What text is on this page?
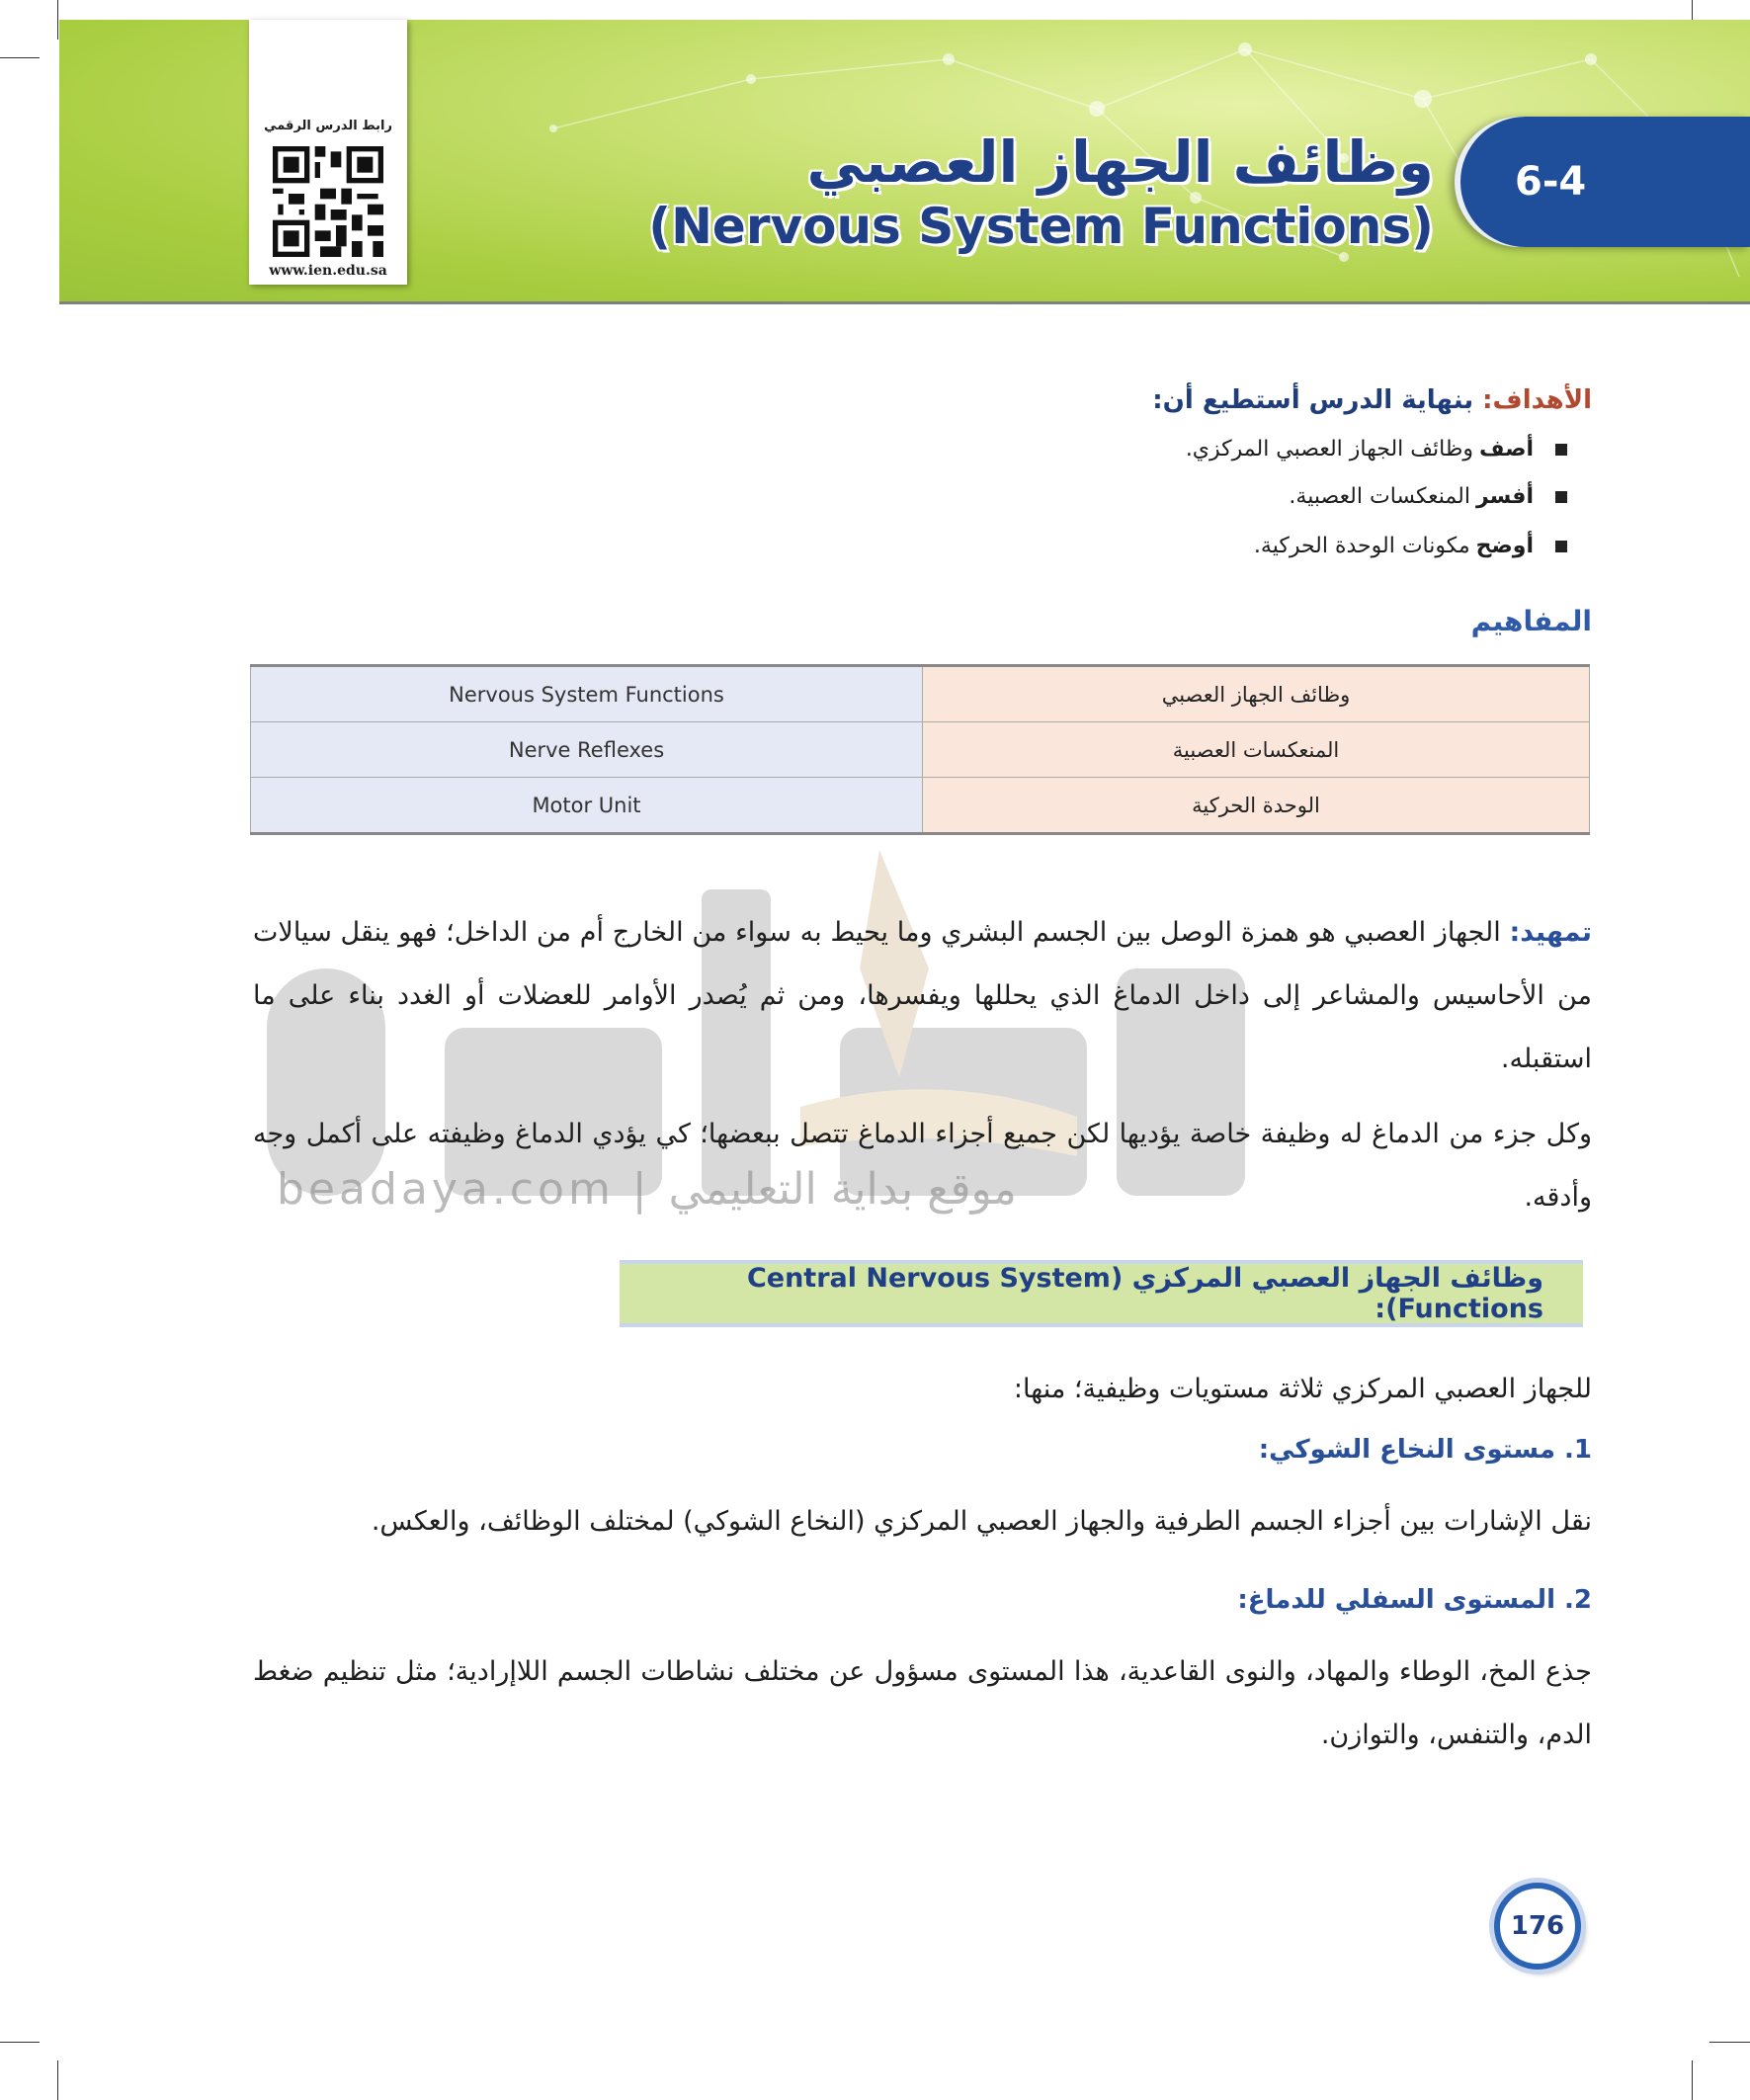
6-4
وظائف الجهاز العصبي
(Nervous System Functions)
رابط الدرس الرقمي
www.ien.edu.sa
الأهداف: بنهاية الدرس أستطيع أن:
أصف
وظائف الجهاز العصبي المركزي.
أفسر
المنعكسات العصبية.
أوضح
مكونات الوحدة الحركية.
المفاهيم
Nervous System Functions	وظائف الجهاز العصبي
Nerve Reflexes	المنعكسات العصبية
Motor Unit	الوحدة الحركية
بداية
beadaya.com | موقع بداية التعليمي
تمهيد: الجهاز العصبي هو همزة الوصل بين الجسم البشري وما يحيط به سواء من الخارج أم من الداخل؛ فهو ينقل سيالات من الأحاسيس والمشاعر إلى داخل الدماغ الذي يحللها ويفسرها، ومن ثم يُصدر الأوامر للعضلات أو الغدد بناء على ما استقبله.
وكل جزء من الدماغ له وظيفة خاصة يؤديها لكن جميع أجزاء الدماغ تتصل ببعضها؛ كي يؤدي الدماغ وظيفته على أكمل وجه وأدقه.
وظائف الجهاز العصبي المركزي (Central Nervous System Functions):
للجهاز العصبي المركزي ثلاثة مستويات وظيفية؛ منها:
1. مستوى النخاع الشوكي:
نقل الإشارات بين أجزاء الجسم الطرفية والجهاز العصبي المركزي (النخاع الشوكي) لمختلف الوظائف، والعكس.
2. المستوى السفلي للدماغ:
جذع المخ، الوطاء والمهاد، والنوى القاعدية، هذا المستوى مسؤول عن مختلف نشاطات الجسم اللاإرادية؛ مثل تنظيم ضغط الدم، والتنفس، والتوازن.
176
